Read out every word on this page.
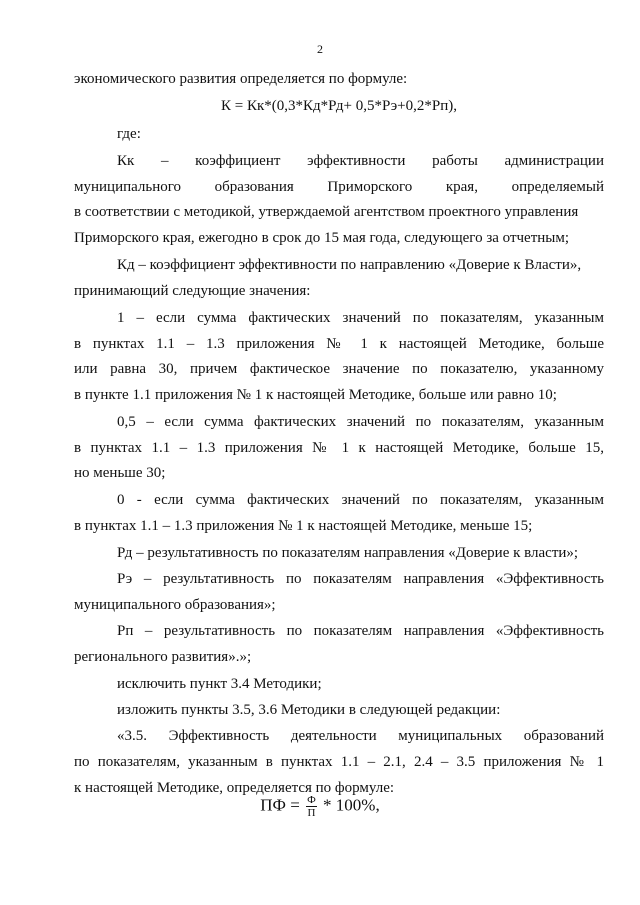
2
экономического развития определяется по формуле:
К = Кк*(0,3*Кд*Рд+ 0,5*Рэ+0,2*Рп),
где:
Кк – коэффициент эффективности работы администрации
муниципального образования Приморского края, определяемый
в соответствии с методикой, утверждаемой агентством проектного управления
Приморского края, ежегодно в срок до 15 мая года, следующего за отчетным;
Кд – коэффициент эффективности по направлению «Доверие к Власти»,
принимающий следующие значения:
1 – если сумма фактических значений по показателям, указанным
в пунктах 1.1 – 1.3 приложения № 1 к настоящей Методике, больше
или равна 30, причем фактическое значение по показателю, указанному
в пункте 1.1 приложения № 1 к настоящей Методике, больше или равно 10;
0,5 – если сумма фактических значений по показателям, указанным
в пунктах 1.1 – 1.3 приложения № 1 к настоящей Методике, больше 15,
но меньше 30;
0 - если сумма фактических значений по показателям, указанным
в пунктах 1.1 – 1.3 приложения № 1 к настоящей Методике, меньше 15;
Рд – результативность по показателям направления «Доверие к власти»;
Рэ – результативность по показателям направления «Эффективность
муниципального образования»;
Рп – результативность по показателям направления «Эффективность
регионального развития».»;
исключить пункт 3.4 Методики;
изложить пункты 3.5, 3.6 Методики в следующей редакции:
«3.5. Эффективность деятельности муниципальных образований
по показателям, указанным в пунктах 1.1 – 2.1, 2.4 – 3.5 приложения № 1
к настоящей Методике, определяется по формуле:
ПФ = $\frac{Ф}{П} * 100\%$,
